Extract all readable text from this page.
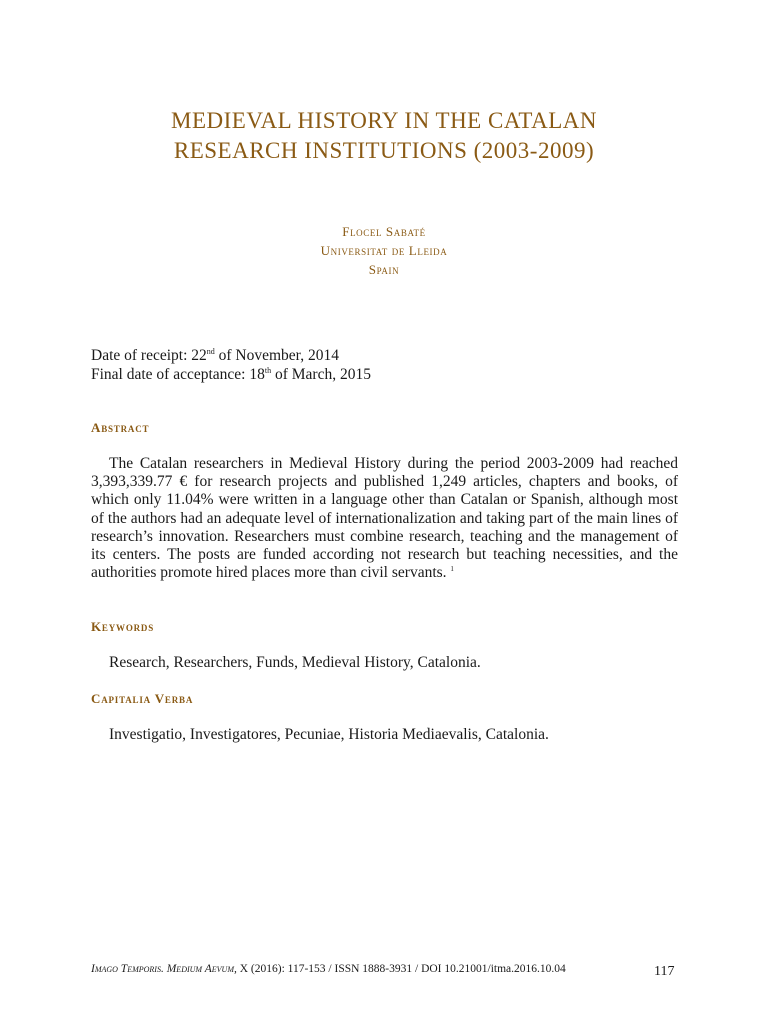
MEDIEVAL HISTORY IN THE CATALAN
RESEARCH INSTITUTIONS (2003-2009)
Flocel Sabaté
Universitat de Lleida
Spain
Date of receipt: 22nd of November, 2014
Final date of acceptance: 18th of March, 2015
Abstract
The Catalan researchers in Medieval History during the period 2003-2009 had reached 3,393,339.77 € for research projects and published 1,249 articles, chapters and books, of which only 11.04% were written in a language other than Catalan or Spanish, although most of the authors had an adequate level of internationalization and taking part of the main lines of research’s innovation. Researchers must combine research, teaching and the management of its centers. The posts are funded according not research but teaching necessities, and the authorities promote hired places more than civil servants. $^1$
Keywords
Research, Researchers, Funds, Medieval History, Catalonia.
Capitalia Verba
Investigatio, Investigatores, Pecuniae, Historia Mediaevalis, Catalonia.
Imago Temporis. Medium Aevum, X (2016): 117-153 / ISSN 1888-3931 / DOI 10.21001/itma.2016.10.04	117
